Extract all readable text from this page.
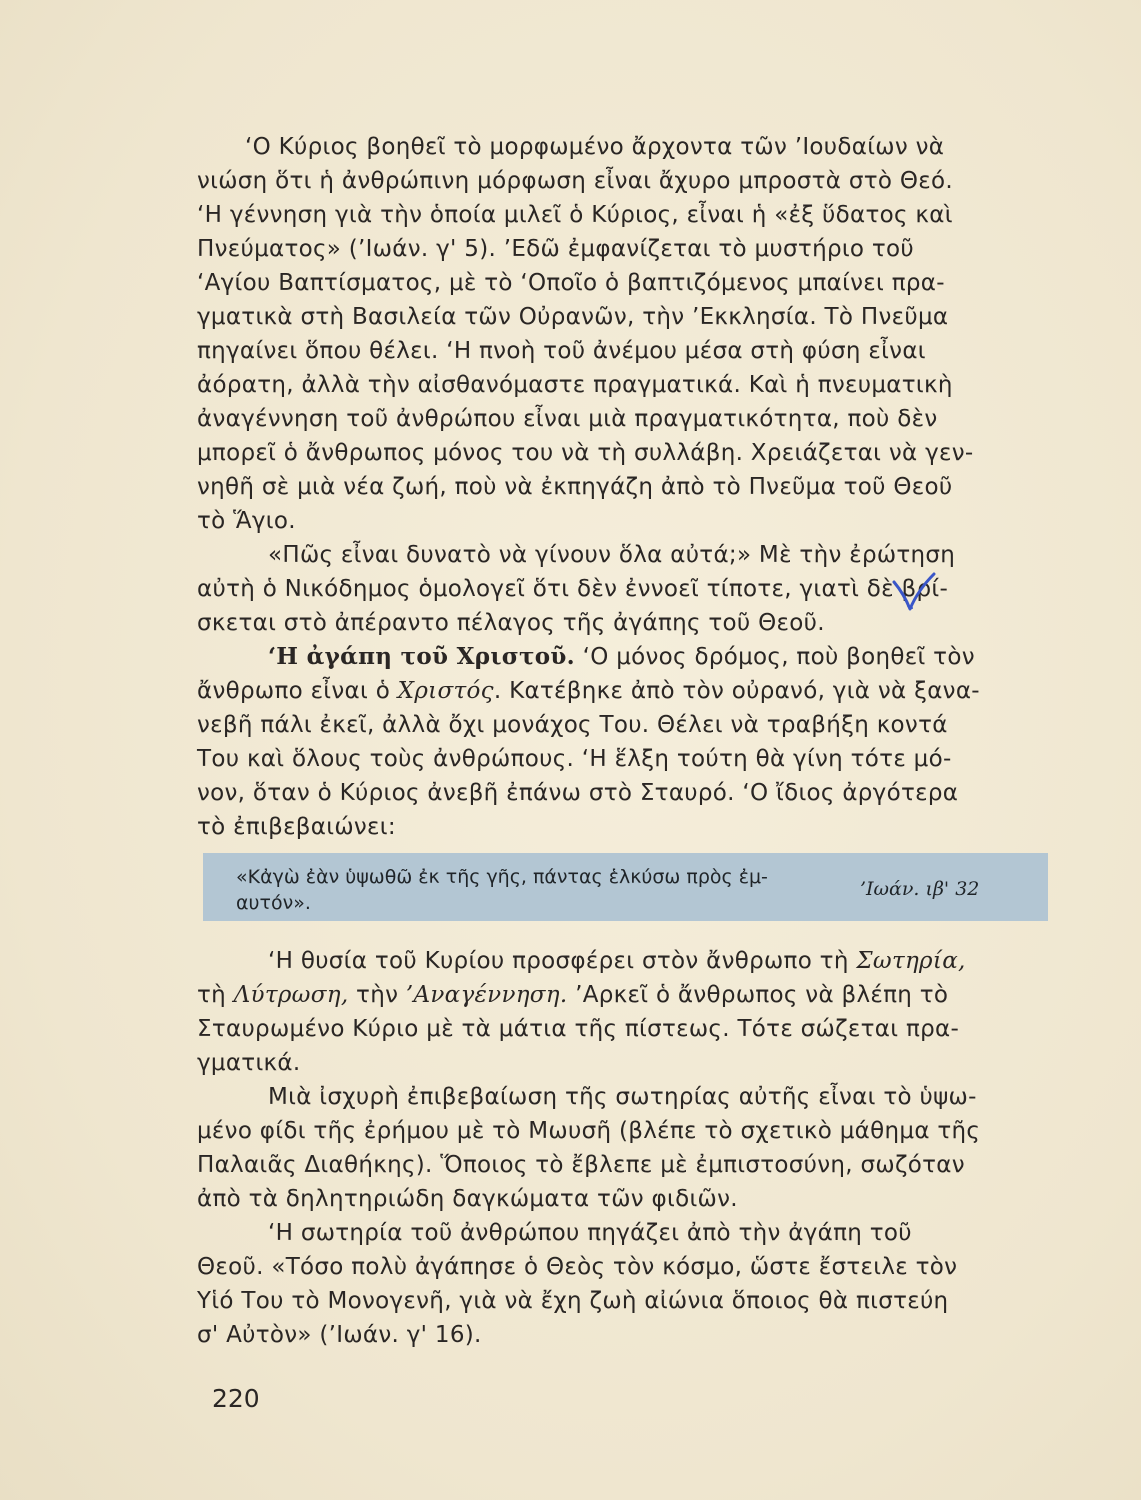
‘Ο Κύριος βοηθεῖ τὸ μορφωμένο ἄρχοντα τῶν ’Ιουδαίων νὰ
νιώση ὅτι ἡ ἀνθρώπινη μόρφωση εἶναι ἄχυρο μπροστὰ στὸ Θεό.
‘Η γέννηση γιὰ τὴν ὁποία μιλεῖ ὁ Κύριος, εἶναι ἡ «ἐξ ὕδατος καὶ
Πνεύματος» (’Ιωάν. γ' 5). ’Εδῶ ἐμφανίζεται τὸ μυστήριο τοῦ
‘Αγίου Βαπτίσματος, μὲ τὸ ‘Οποῖο ὁ βαπτιζόμενος μπαίνει πρα-
γματικὰ στὴ Βασιλεία τῶν Οὐρανῶν, τὴν ’Εκκλησία. Τὸ Πνεῦμα
πηγαίνει ὅπου θέλει. ‘Η πνοὴ τοῦ ἀνέμου μέσα στὴ φύση εἶναι
ἀόρατη, ἀλλὰ τὴν αἰσθανόμαστε πραγματικά. Καὶ ἡ πνευματικὴ
ἀναγέννηση τοῦ ἀνθρώπου εἶναι μιὰ πραγματικότητα, ποὺ δὲν
μπορεῖ ὁ ἄνθρωπος μόνος του νὰ τὴ συλλάβη. Χρειάζεται νὰ γεν-
νηθῆ σὲ μιὰ νέα ζωή, ποὺ νὰ ἐκπηγάζη ἀπὸ τὸ Πνεῦμα τοῦ Θεοῦ
τὸ Ἅγιο.
«Πῶς εἶναι δυνατὸ νὰ γίνουν ὅλα αὐτά;» Μὲ τὴν ἐρώτηση
αὐτὴ ὁ Νικόδημος ὁμολογεῖ ὅτι δὲν ἐννοεῖ τίποτε, γιατὶ δὲ βρί-
σκεται στὸ ἀπέραντο πέλαγος τῆς ἀγάπης τοῦ Θεοῦ.
‘Η ἀγάπη τοῦ Χριστοῦ. ‘Ο μόνος δρόμος, ποὺ βοηθεῖ τὸν
ἄνθρωπο εἶναι ὁ Χριστός. Κατέβηκε ἀπὸ τὸν οὐρανό, γιὰ νὰ ξανα-
νεβῆ πάλι ἐκεῖ, ἀλλὰ ὄχι μονάχος Του. Θέλει νὰ τραβήξη κοντά
Του καὶ ὅλους τοὺς ἀνθρώπους. ‘Η ἕλξη τούτη θὰ γίνη τότε μό-
νον, ὅταν ὁ Κύριος ἀνεβῆ ἐπάνω στὸ Σταυρό. ‘Ο ἴδιος ἀργότερα
τὸ ἐπιβεβαιώνει:
«Κἀγὼ ἐὰν ὑψωθῶ ἐκ τῆς γῆς, πάντας ἑλκύσω πρὸς ἐμ-
αυτόν».
’Ιωάν. ιβ' 32
‘Η θυσία τοῦ Κυρίου προσφέρει στὸν ἄνθρωπο τὴ Σωτηρία,
τὴ Λύτρωση, τὴν ’Αναγέννηση. ’Αρκεῖ ὁ ἄνθρωπος νὰ βλέπη τὸ
Σταυρωμένο Κύριο μὲ τὰ μάτια τῆς πίστεως. Τότε σώζεται πρα-
γματικά.
Μιὰ ἰσχυρὴ ἐπιβεβαίωση τῆς σωτηρίας αὐτῆς εἶναι τὸ ὑψω-
μένο φίδι τῆς ἐρήμου μὲ τὸ Μωυσῆ (βλέπε τὸ σχετικὸ μάθημα τῆς
Παλαιᾶς Διαθήκης). Ὅποιος τὸ ἔβλεπε μὲ ἐμπιστοσύνη, σωζόταν
ἀπὸ τὰ δηλητηριώδη δαγκώματα τῶν φιδιῶν.
‘Η σωτηρία τοῦ ἀνθρώπου πηγάζει ἀπὸ τὴν ἀγάπη τοῦ
Θεοῦ. «Τόσο πολὺ ἀγάπησε ὁ Θεὸς τὸν κόσμο, ὥστε ἔστειλε τὸν
Υἱό Του τὸ Μονογενῆ, γιὰ νὰ ἔχη ζωὴ αἰώνια ὅποιος θὰ πιστεύη
σ' Αὐτὸν» (’Ιωάν. γ' 16).
220
